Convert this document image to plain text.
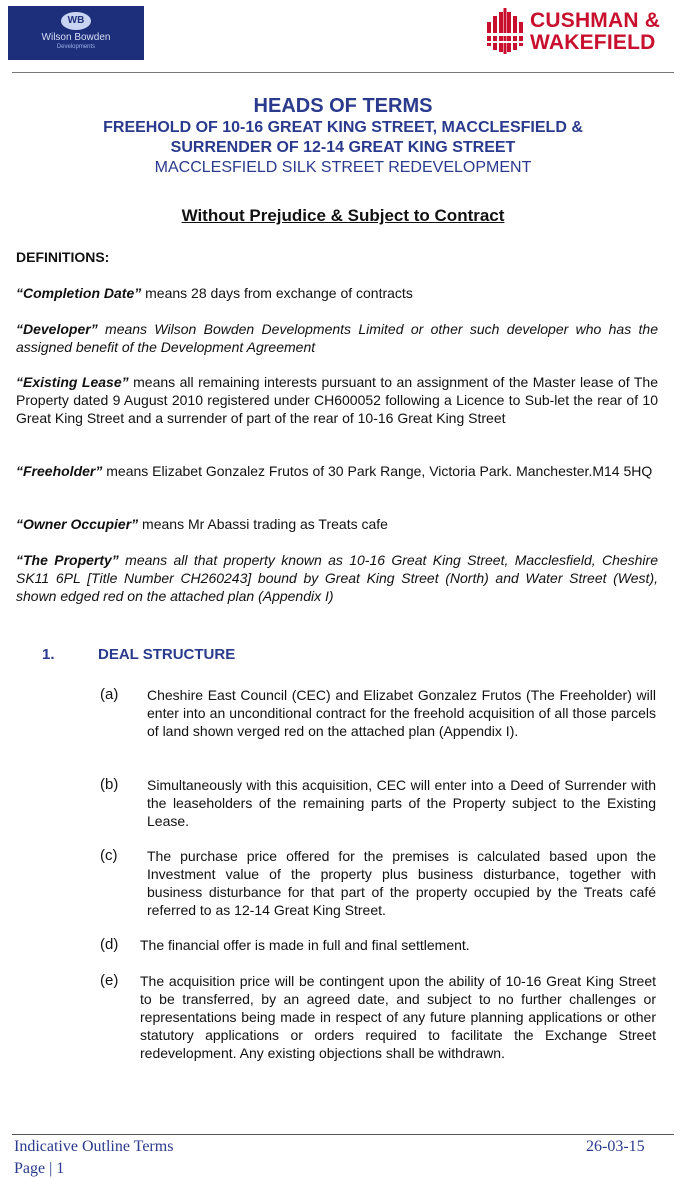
WB
Wilson Bowden
Developments
CUSHMAN &
WAKEFIELD
HEADS OF TERMS
FREEHOLD OF 10-16 GREAT KING STREET, MACCLESFIELD &
SURRENDER OF 12-14 GREAT KING STREET
MACCLESFIELD SILK STREET REDEVELOPMENT
Without Prejudice & Subject to Contract
DEFINITIONS:
“Completion Date” means 28 days from exchange of contracts
“Developer” means Wilson Bowden Developments Limited or other such developer who has the assigned benefit of the Development Agreement
“Existing Lease” means all remaining interests pursuant to an assignment of the Master lease of The Property dated 9 August 2010 registered under CH600052 following a Licence to Sub-let the rear of 10 Great King Street and a surrender of part of the rear of 10-16 Great King Street
“Freeholder” means Elizabet Gonzalez Frutos of 30 Park Range, Victoria Park. Manchester.M14 5HQ
“Owner Occupier” means Mr Abassi trading as Treats cafe
“The Property” means all that property known as 10-16 Great King Street, Macclesfield, Cheshire SK11 6PL [Title Number CH260243] bound by Great King Street (North) and Water Street (West), shown edged red on the attached plan (Appendix I)
1.	DEAL STRUCTURE
(a) Cheshire East Council (CEC) and Elizabet Gonzalez Frutos (The Freeholder) will enter into an unconditional contract for the freehold acquisition of all those parcels of land shown verged red on the attached plan (Appendix I).
(b) Simultaneously with this acquisition, CEC will enter into a Deed of Surrender with the leaseholders of the remaining parts of the Property subject to the Existing Lease.
(c) The purchase price offered for the premises is calculated based upon the Investment value of the property plus business disturbance, together with business disturbance for that part of the property occupied by the Treats café referred to as 12-14 Great King Street.
(d) The financial offer is made in full and final settlement.
(e) The acquisition price will be contingent upon the ability of 10-16 Great King Street to be transferred, by an agreed date, and subject to no further challenges or representations being made in respect of any future planning applications or other statutory applications or orders required to facilitate the Exchange Street redevelopment. Any existing objections shall be withdrawn.
Indicative Outline Terms
Page | 1
26-03-15
